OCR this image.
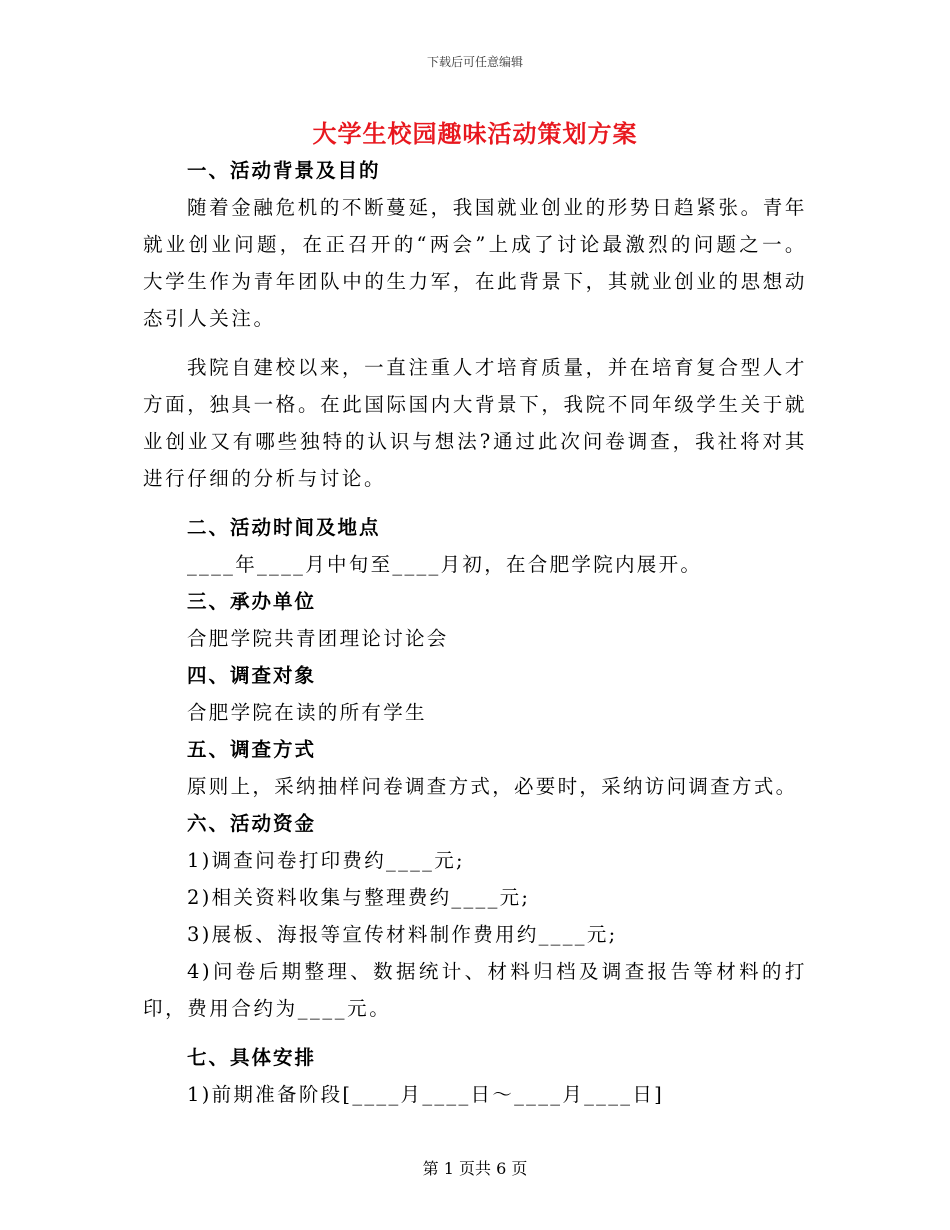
下载后可任意编辑
大学生校园趣味活动策划方案
一、活动背景及目的
随着金融危机的不断蔓延，我国就业创业的形势日趋紧张。青年就业创业问题，在正召开的“两会”上成了讨论最激烈的问题之一。大学生作为青年团队中的生力军，在此背景下，其就业创业的思想动态引人关注。
我院自建校以来，一直注重人才培育质量，并在培育复合型人才方面，独具一格。在此国际国内大背景下，我院不同年级学生关于就业创业又有哪些独特的认识与想法?通过此次问卷调查，我社将对其进行仔细的分析与讨论。
二、活动时间及地点
____年____月中旬至____月初，在合肥学院内展开。
三、承办单位
合肥学院共青团理论讨论会
四、调查对象
合肥学院在读的所有学生
五、调查方式
原则上，采纳抽样问卷调查方式，必要时，采纳访问调查方式。
六、活动资金
1)调查问卷打印费约____元;
2)相关资料收集与整理费约____元;
3)展板、海报等宣传材料制作费用约____元;
4)问卷后期整理、数据统计、材料归档及调查报告等材料的打印，费用合约为____元。
七、具体安排
1)前期准备阶段[____月____日～____月____日]
第 1 页共 6 页
